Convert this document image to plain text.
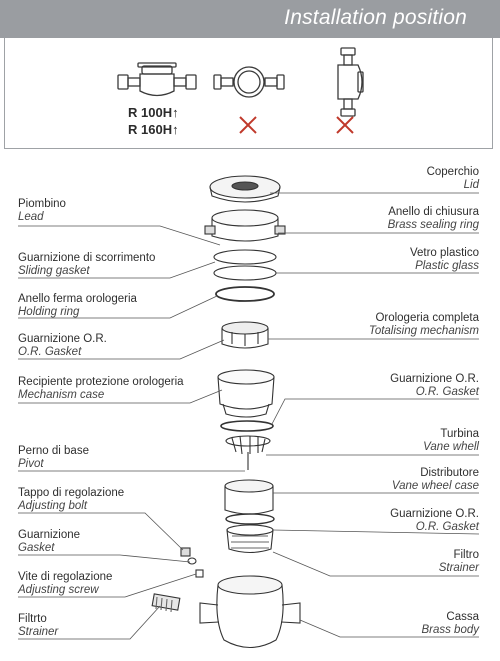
Installation position
R 100H↑
R 160H↑
Piombino
Lead
Guarnizione di scorrimento
Sliding gasket
Anello ferma orologeria
Holding ring
Guarnizione O.R.
O.R. Gasket
Recipiente protezione orologeria
Mechanism case
Perno di base
Pivot
Tappo di regolazione
Adjusting bolt
Guarnizione
Gasket
Vite di regolazione
Adjusting screw
Filtrto
Strainer
Coperchio
Lid
Anello di chiusura
Brass sealing ring
Vetro plastico
Plastic glass
Orologeria completa
Totalising mechanism
Guarnizione O.R.
O.R. Gasket
Turbina
Vane whell
Distributore
Vane wheel case
Guarnizione O.R.
O.R. Gasket
Filtro
Strainer
Cassa
Brass body
